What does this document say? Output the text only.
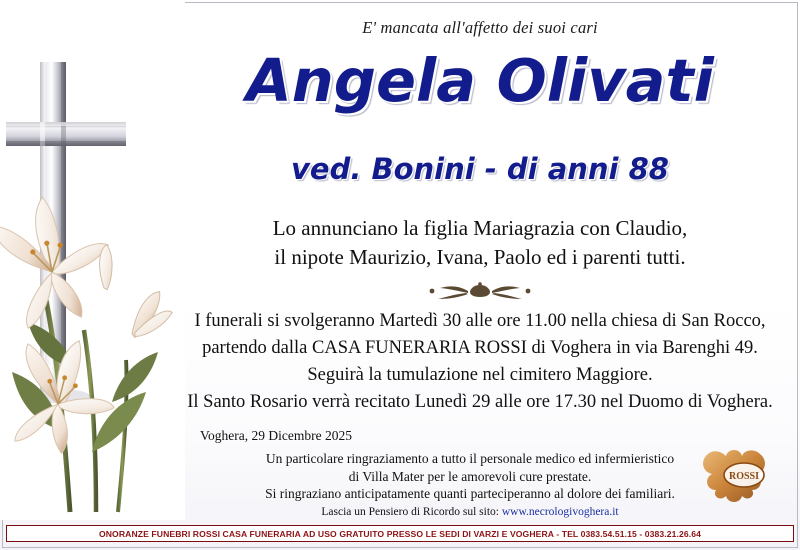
E' mancata all'affetto dei suoi cari
Angela Olivati
ved. Bonini - di anni 88
Lo annunciano la figlia Mariagrazia con Claudio,
il nipote Maurizio, Ivana, Paolo ed i parenti tutti.
I funerali si svolgeranno Martedì 30 alle ore 11.00 nella chiesa di San Rocco,
partendo dalla CASA FUNERARIA ROSSI di Voghera in via Barenghi 49.
Seguirà la tumulazione nel cimitero Maggiore.
Il Santo Rosario verrà recitato Lunedì 29 alle ore 17.30 nel Duomo di Voghera.
Voghera, 29 Dicembre 2025
Un particolare ringraziamento a tutto il personale medico ed infermieristico
di Villa Mater per le amorevoli cure prestate.
Si ringraziano anticipatamente quanti parteciperanno al dolore dei familiari.
Lascia un Pensiero di Ricordo sul sito: www.necrologivoghera.it
ROSSI
ONORANZE FUNEBRI ROSSI CASA FUNERARIA AD USO GRATUITO PRESSO LE SEDI DI VARZI E VOGHERA - TEL 0383.54.51.15 - 0383.21.26.64
